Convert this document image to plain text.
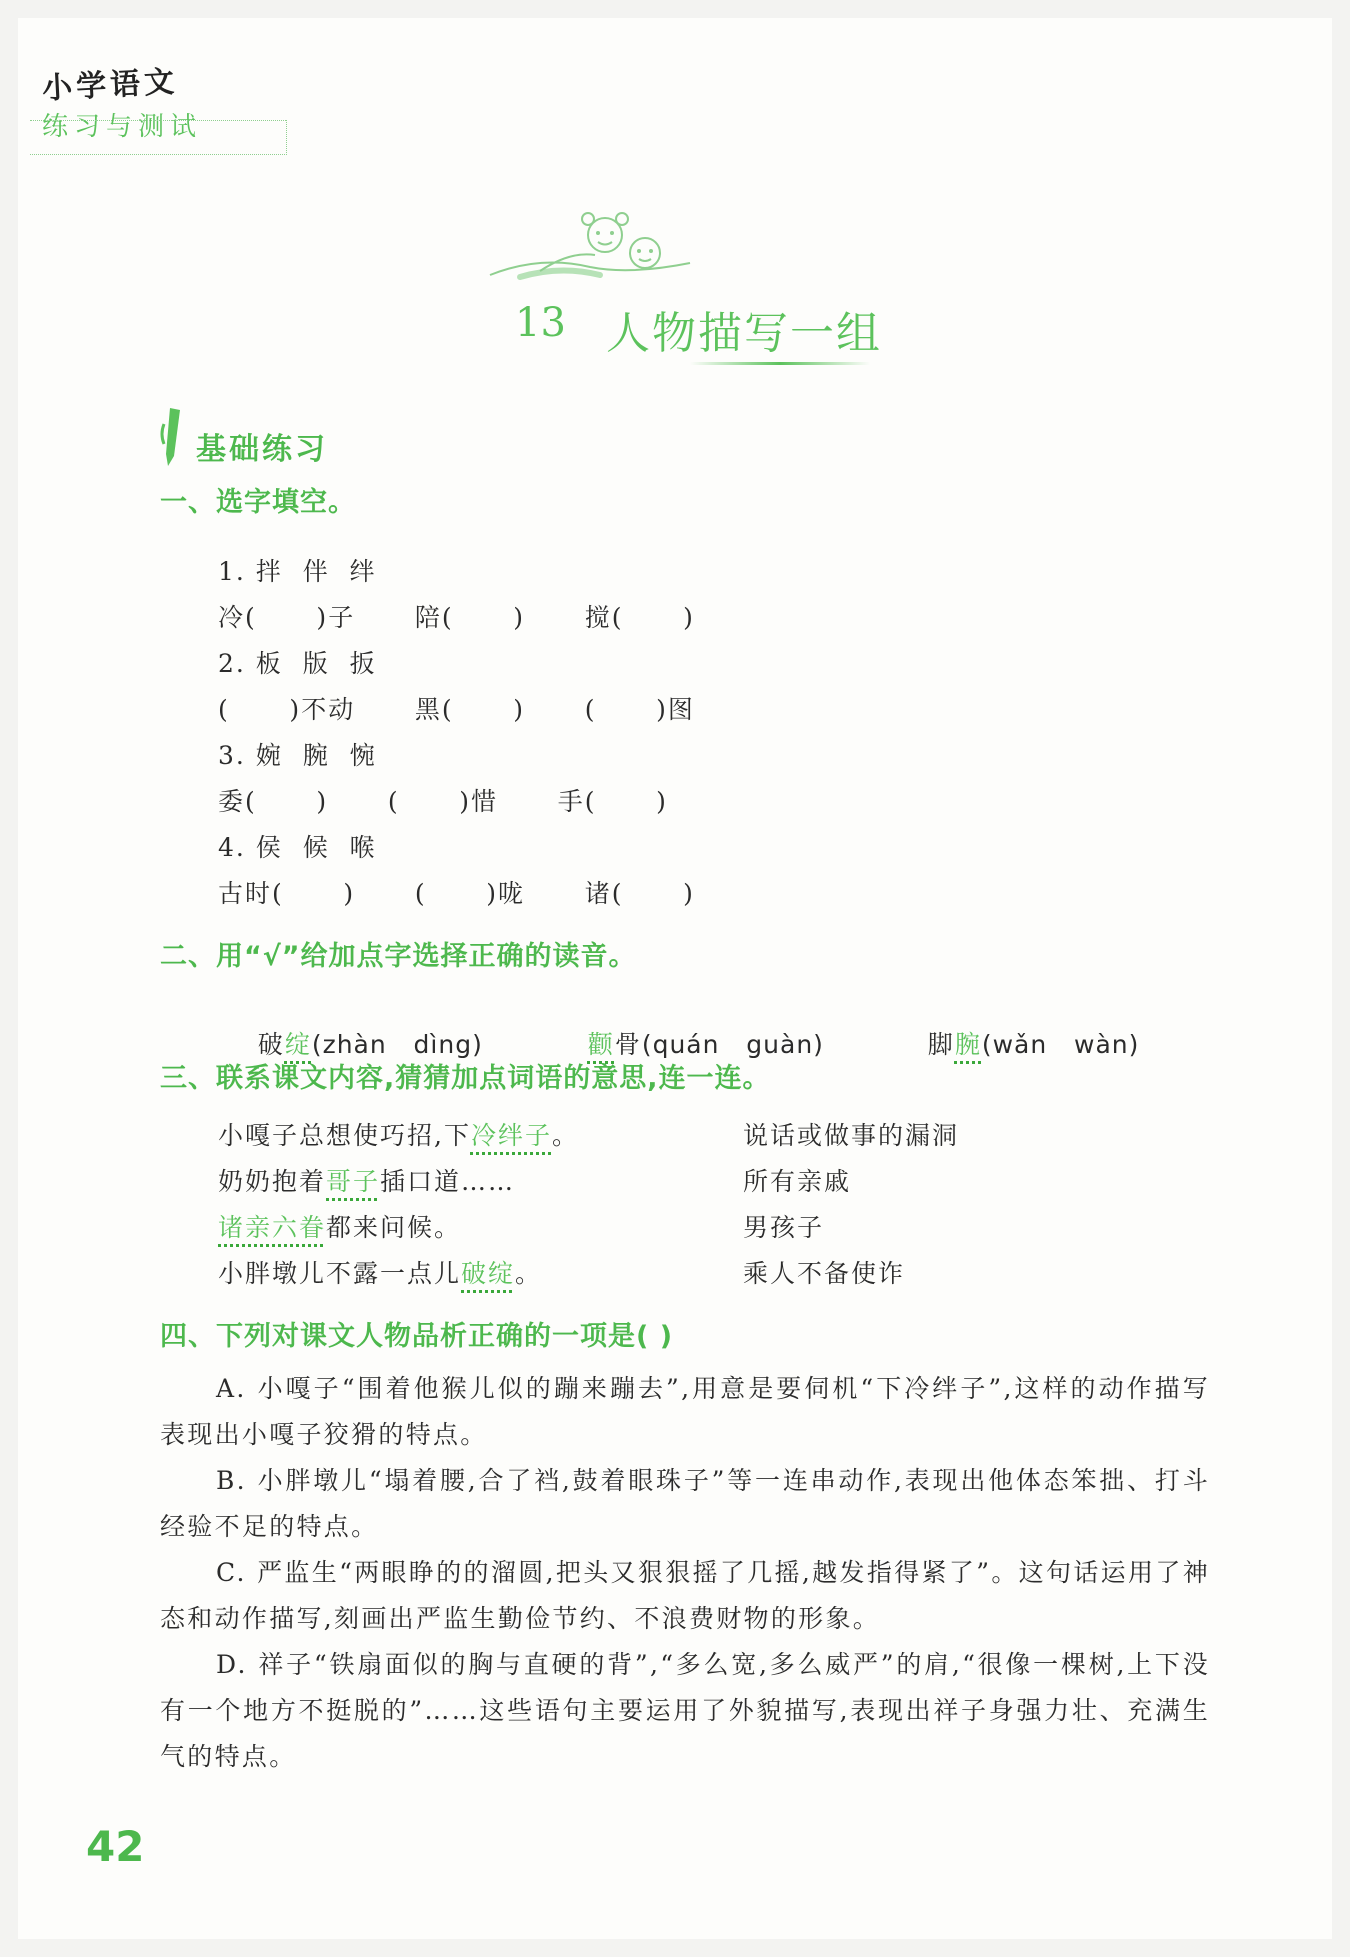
小学语文
练习与测试
13 人物描写一组
基础练习
一、选字填空。
1. 拌  伴  绊
冷(      )子      陪(      )      搅(      )
2. 板  版  扳
(      )不动      黑(      )      (      )图
3. 婉  腕  惋
委(      )      (      )惜      手(      )
4. 侯  候  喉
古时(      )      (      )咙      诸(      )
二、用“√”给加点字选择正确的读音。

破绽(zhàn   dìng)
	颧骨(quán   guàn)
	脚腕(wǎn   wàn)

三、联系课文内容,猜猜加点词语的意思,连一连。
小嘎子总想使巧招,下冷绊子。
奶奶抱着哥子插口道……
诸亲六眷都来问候。
小胖墩儿不露一点儿破绽。
说话或做事的漏洞
所有亲戚
男孩子
乘人不备使诈
四、下列对课文人物品析正确的一项是( )
A. 小嘎子“围着他猴儿似的蹦来蹦去”,用意是要伺机“下冷绊子”,这样的动作描写表现出小嘎子狡猾的特点。
B. 小胖墩儿“塌着腰,合了裆,鼓着眼珠子”等一连串动作,表现出他体态笨拙、打斗经验不足的特点。
C. 严监生“两眼睁的的溜圆,把头又狠狠摇了几摇,越发指得紧了”。这句话运用了神态和动作描写,刻画出严监生勤俭节约、不浪费财物的形象。
D. 祥子“铁扇面似的胸与直硬的背”,“多么宽,多么威严”的肩,“很像一棵树,上下没有一个地方不挺脱的”……这些语句主要运用了外貌描写,表现出祥子身强力壮、充满生气的特点。
42
